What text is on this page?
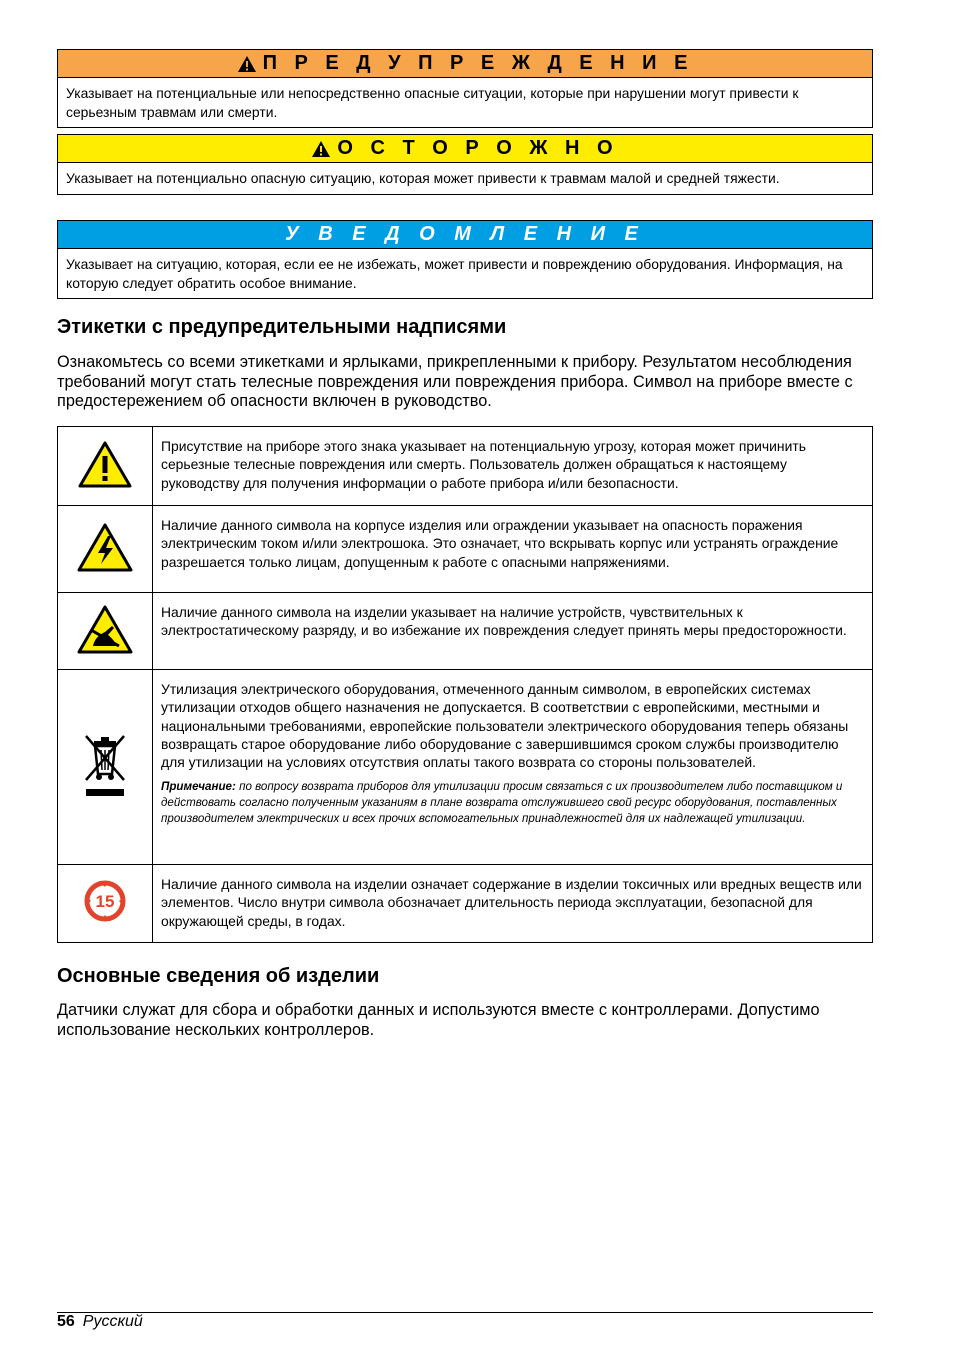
П Р Е Д У П Р Е Ж Д Е Н И Е
Указывает на потенциальные или непосредственно опасные ситуации, которые при нарушении могут привести к серьезным травмам или смерти.
О С Т О Р О Ж Н О
Указывает на потенциально опасную ситуацию, которая может привести к травмам малой и средней тяжести.
У В Е Д О М Л Е Н И Е
Указывает на ситуацию, которая, если ее не избежать, может привести и повреждению оборудования. Информация, на которую следует обратить особое внимание.
Этикетки с предупредительными надписями

Ознакомьтесь со всеми этикетками и ярлыками, прикрепленными к прибору. Результатом несоблюдения требований могут стать телесные повреждения или повреждения прибора. Символ на приборе вместе с предостережением об опасности включен в руководство.

	Присутствие на приборе этого знака указывает на потенциальную угрозу, которая может причинить серьезные телесные повреждения или смерть. Пользователь должен обращаться к настоящему руководству для получения информации о работе прибора и/или безопасности.
	Наличие данного символа на корпусе изделия или ограждении указывает на опасность поражения электрическим током и/или электрошока. Это означает, что вскрывать корпус или устранять ограждение разрешается только лицам, допущенным к работе с опасными напряжениями.
	Наличие данного символа на изделии указывает на наличие устройств, чувствительных к электростатическому разряду, и во избежание их повреждения следует принять меры предосторожности.

Утилизация электрического оборудования, отмеченного данным символом, в европейских системах утилизации отходов общего назначения не допускается. В соответствии с европейскими, местными и национальными требованиями, европейские пользователи электрического оборудования теперь обязаны возвращать старое оборудование либо оборудование с завершившимся сроком службы производителю для утилизации на условиях отсутствия оплаты такого возврата со стороны пользователей.
Примечание: по вопросу возврата приборов для утилизации просим связаться с их производителем либо поставщиком и действовать согласно полученным указаниям в плане возврата отслужившего свой ресурс оборудования, поставленных производителем электрических и всех прочих вспомогательных принадлежностей для их надлежащей утилизации.

15	Наличие данного символа на изделии означает содержание в изделии токсичных или вредных веществ или элементов. Число внутри символа обозначает длительность периода эксплуатации, безопасной для окружающей среды, в годах.
Основные сведения об изделии

Датчики служат для сбора и обработки данных и используются вместе с контроллерами. Допустимо использование нескольких контроллеров.

56 Русский
